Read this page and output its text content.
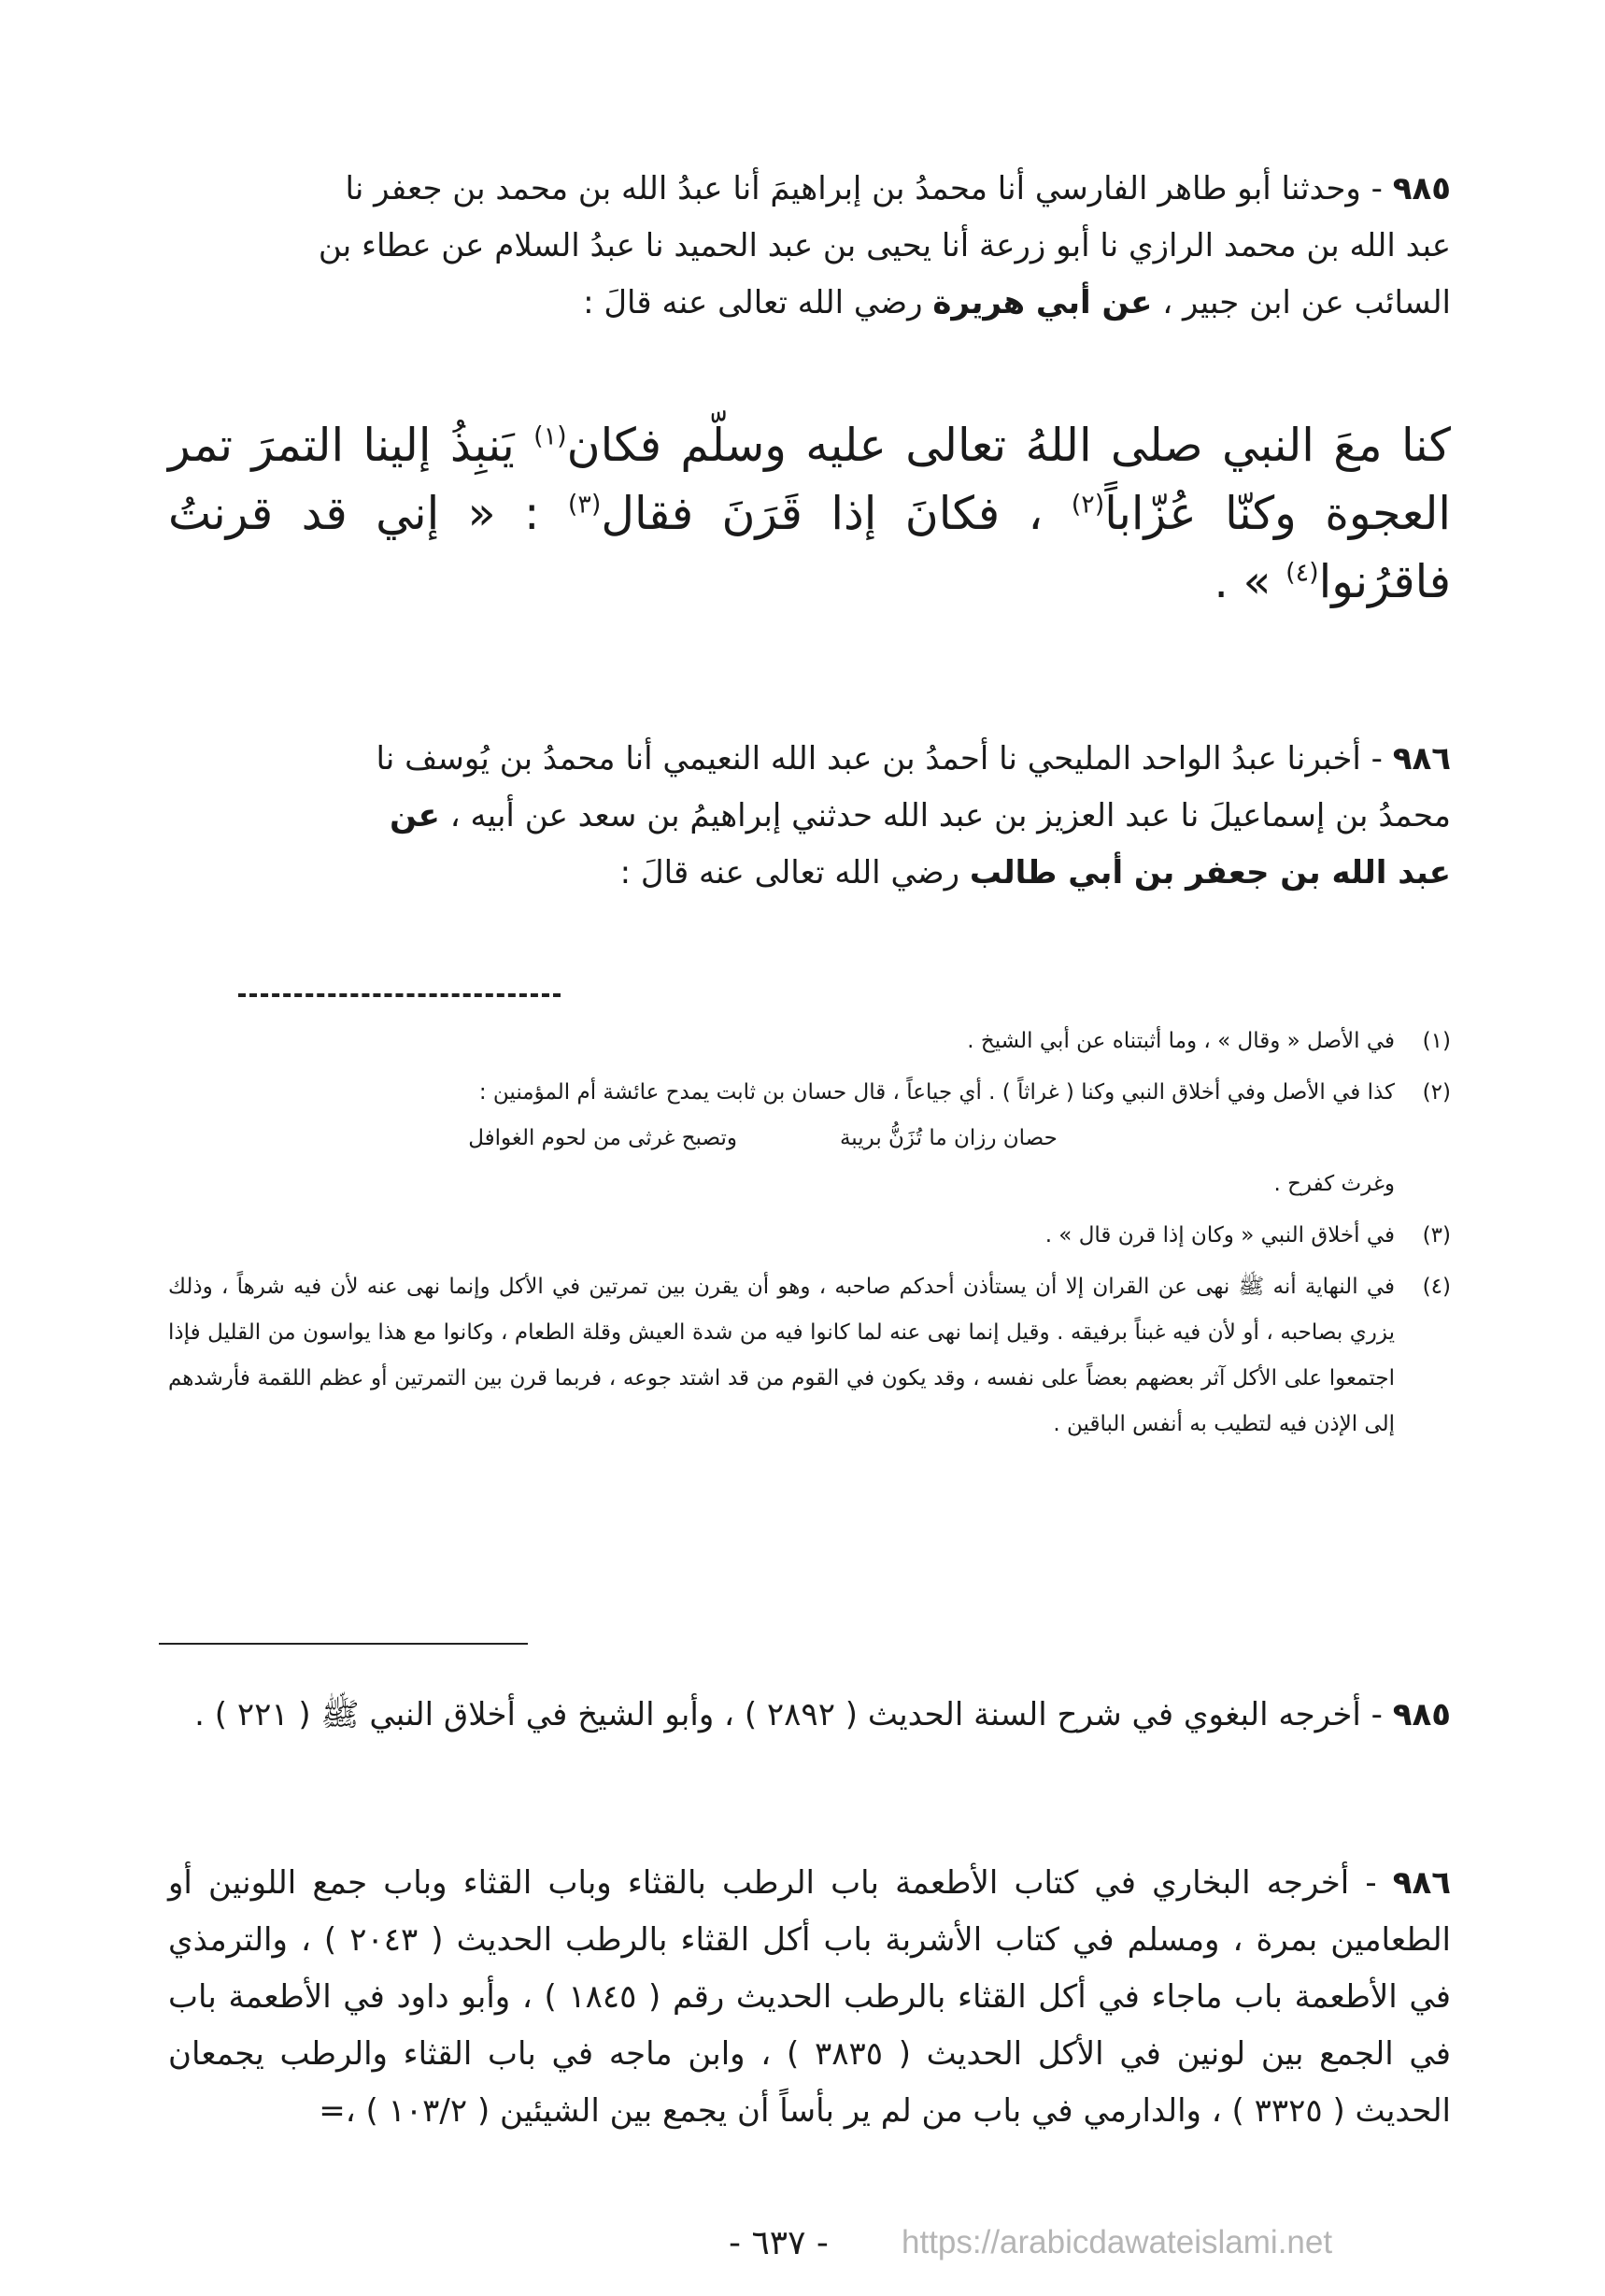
٩٨٥ - وحدثنا أبو طاهر الفارسي أنا محمدُ بن إبراهيمَ أنا عبدُ الله بن محمد بن جعفر نا

عبد الله بن محمد الرازي نا أبو زرعة أنا يحيى بن عبد الحميد نا عبدُ السلام عن عطاء بن

السائب عن ابن جبير ، عن أبي هريرة رضي الله تعالى عنه قالَ :

كنا معَ النبي صلى اللهُ تعالى عليه وسلّم فكان$^{(١)}$ يَنبِذُ إلينا التمرَ تمر العجوة وكنّا عُزّاباً$^{(٢)}$ ، فكانَ إذا قَرَنَ فقال$^{(٣)}$ : « إني قد قرنتُ فاقرُنوا$^{(٤)}$ » .

٩٨٦ - أخبرنا عبدُ الواحد المليحي نا أحمدُ بن عبد الله النعيمي أنا محمدُ بن يُوسف نا

محمدُ بن إسماعيلَ نا عبد العزيز بن عبد الله حدثني إبراهيمُ بن سعد عن أبيه ، عن

عبد الله بن جعفر بن أبي طالب رضي الله تعالى عنه قالَ :

(١)
في الأصل « وقال » ، وما أثبتناه عن أبي الشيخ .
(٢)
كذا في الأصل وفي أخلاق النبي وكنا ( غراثاً ) . أي جياعاً ، قال حسان بن ثابت يمدح عائشة أم المؤمنين :
حصان رزان ما تُزَنُّ بريبة
وتصبح غرثى من لحوم الغوافل
وغرث كفرح .
(٣)
في أخلاق النبي « وكان إذا قرن قال » .
(٤)
في النهاية أنه ﷺ نهى عن القران إلا أن يستأذن أحدكم صاحبه ، وهو أن يقرن بين تمرتين في الأكل وإنما نهى عنه لأن فيه شرهاً ، وذلك يزري بصاحبه ، أو لأن فيه غبناً برفيقه . وقيل إنما نهى عنه لما كانوا فيه من شدة العيش وقلة الطعام ، وكانوا مع هذا يواسون من القليل فإذا اجتمعوا على الأكل آثر بعضهم بعضاً على نفسه ، وقد يكون في القوم من قد اشتد جوعه ، فربما قرن بين التمرتين أو عظم اللقمة فأرشدهم إلى الإذن فيه لتطيب به أنفس الباقين .

٩٨٥ - أخرجه البغوي في شرح السنة الحديث ( ٢٨٩٢ ) ، وأبو الشيخ في أخلاق النبي ﷺ ( ٢٢١ ) .

٩٨٦ - أخرجه البخاري في كتاب الأطعمة باب الرطب بالقثاء وباب القثاء وباب جمع اللونين أو الطعامين بمرة ، ومسلم في كتاب الأشربة باب أكل القثاء بالرطب الحديث ( ٢٠٤٣ ) ، والترمذي في الأطعمة باب ماجاء في أكل القثاء بالرطب الحديث رقم ( ١٨٤٥ ) ، وأبو داود في الأطعمة باب في الجمع بين لونين في الأكل الحديث ( ٣٨٣٥ ) ، وابن ماجه في باب القثاء والرطب يجمعان الحديث ( ٣٣٢٥ ) ، والدارمي في باب من لم ير بأساً أن يجمع بين الشيئين ( ١٠٣/٢ ) ،=

- ٦٣٧ - https://arabicdawateislami.net
